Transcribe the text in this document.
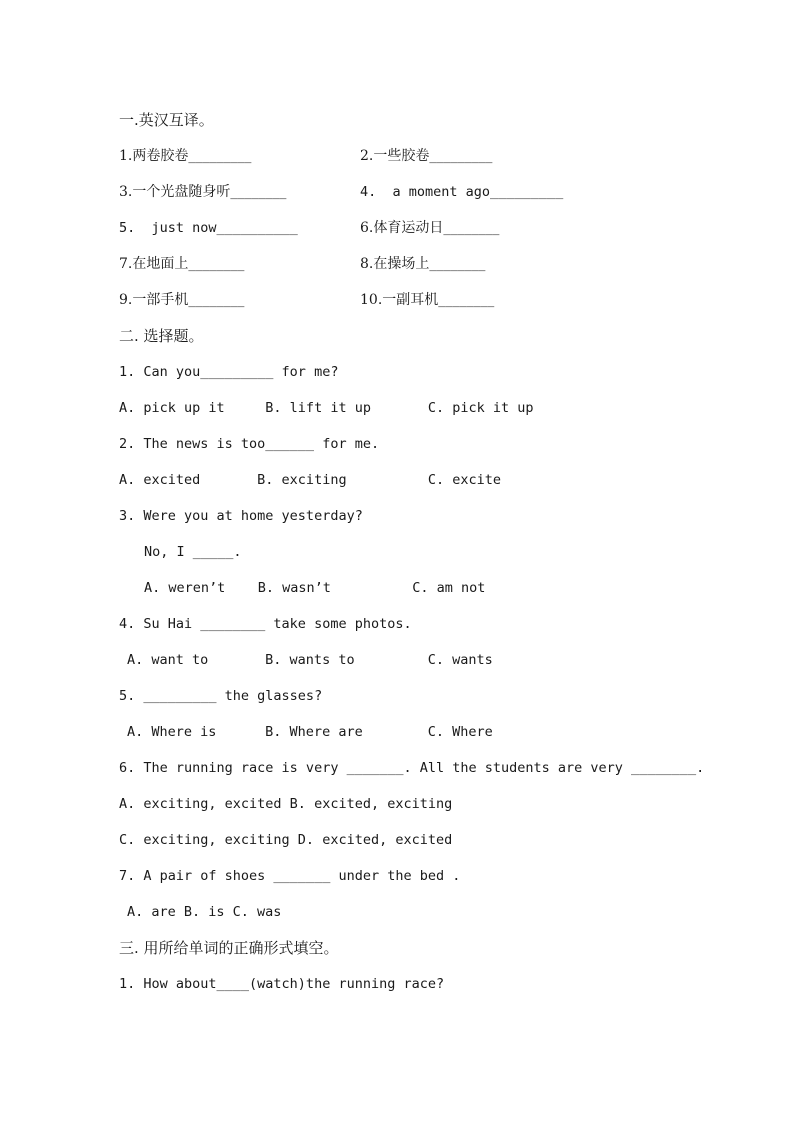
一.英汉互译。
1.两卷胶卷_________	2.一些胶卷_________
3.一个光盘随身听________	4.  a moment ago_________
5.  just now__________	6.体育运动日________
7.在地面上________	8.在操场上________
9.一部手机________	10.一副耳机________
二. 选择题。
1. Can you_________ for me?
A. pick up it     B. lift it up       C. pick it up
2. The news is too______ for me.
A. excited       B. exciting          C. excite
3. Were you at home yesterday?
No, I _____.
A. weren’t    B. wasn’t          C. am not
4. Su Hai ________ take some photos.
A. want to       B. wants to         C. wants
5. _________ the glasses?
A. Where is      B. Where are        C. Where
6. The running race is very _______. All the students are very ________.
A. exciting, excited B. excited, exciting
C. exciting, exciting D. excited, excited
7. A pair of shoes _______ under the bed .
A. are B. is C. was
三. 用所给单词的正确形式填空。
1. How about____(watch)the running race?
